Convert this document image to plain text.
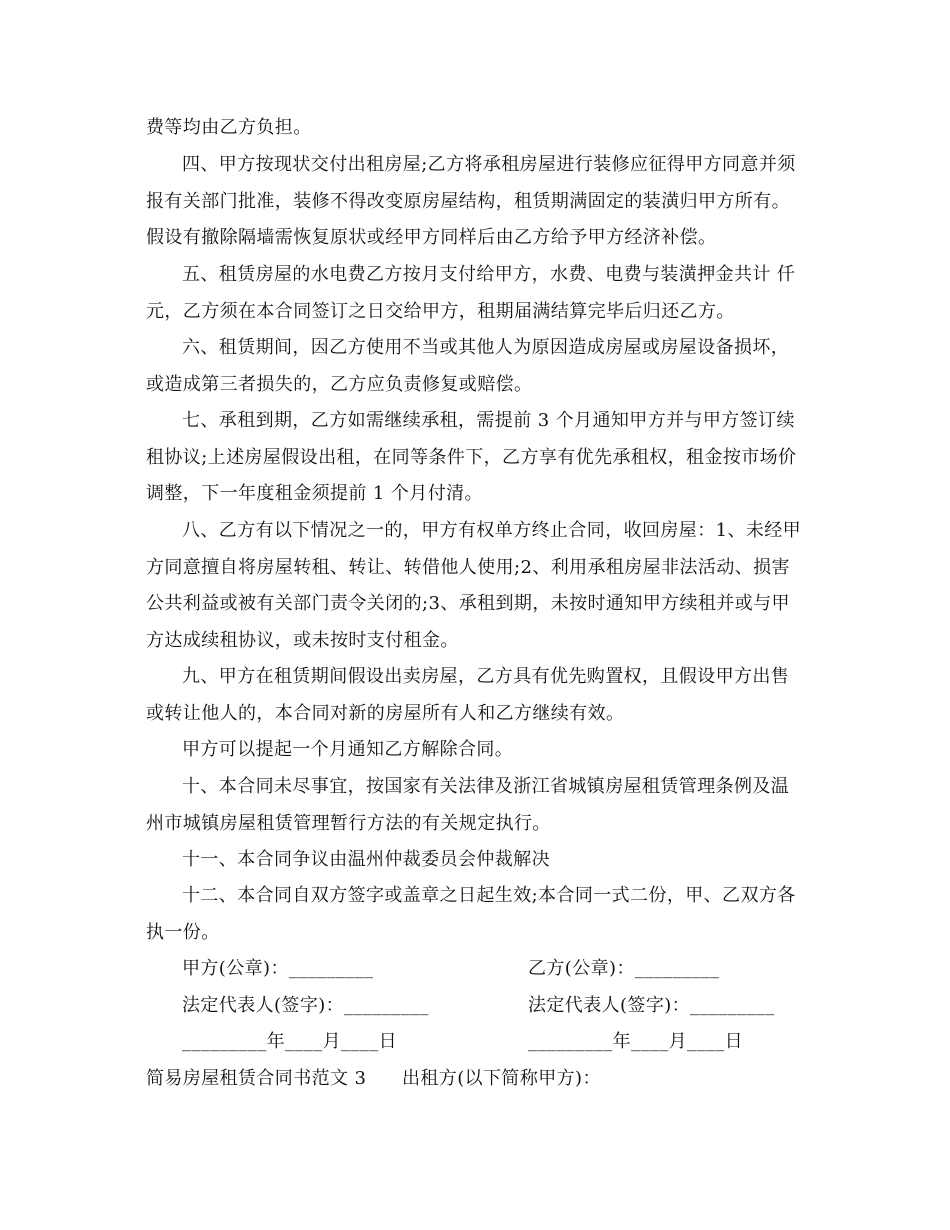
费等均由乙方负担。
四、甲方按现状交付出租房屋;乙方将承租房屋进行装修应征得甲方同意并须
报有关部门批准，装修不得改变原房屋结构，租赁期满固定的装潢归甲方所有。
假设有撤除隔墙需恢复原状或经甲方同样后由乙方给予甲方经济补偿。
五、租赁房屋的水电费乙方按月支付给甲方，水费、电费与装潢押金共计 仟
元，乙方须在本合同签订之日交给甲方，租期届满结算完毕后归还乙方。
六、租赁期间，因乙方使用不当或其他人为原因造成房屋或房屋设备损坏，
或造成第三者损失的，乙方应负责修复或赔偿。
七、承租到期，乙方如需继续承租，需提前 3 个月通知甲方并与甲方签订续
租协议;上述房屋假设出租，在同等条件下，乙方享有优先承租权，租金按市场价
调整，下一年度租金须提前 1 个月付清。
八、乙方有以下情况之一的，甲方有权单方终止合同，收回房屋：1、未经甲
方同意擅自将房屋转租、转让、转借他人使用;2、利用承租房屋非法活动、损害
公共利益或被有关部门责令关闭的;3、承租到期，未按时通知甲方续租并或与甲
方达成续租协议，或未按时支付租金。
九、甲方在租赁期间假设出卖房屋，乙方具有优先购置权，且假设甲方出售
或转让他人的，本合同对新的房屋所有人和乙方继续有效。
甲方可以提起一个月通知乙方解除合同。
十、本合同未尽事宜，按国家有关法律及浙江省城镇房屋租赁管理条例及温
州市城镇房屋租赁管理暂行方法的有关规定执行。
十一、本合同争议由温州仲裁委员会仲裁解决
十二、本合同自双方签字或盖章之日起生效;本合同一式二份，甲、乙双方各
执一份。
甲方(公章)：_________	乙方(公章)：_________
法定代表人(签字)：_________	法定代表人(签字)：_________
_________年____月____日	_________年____月____日
简易房屋租赁合同书范文 3 出租方(以下简称甲方)：
